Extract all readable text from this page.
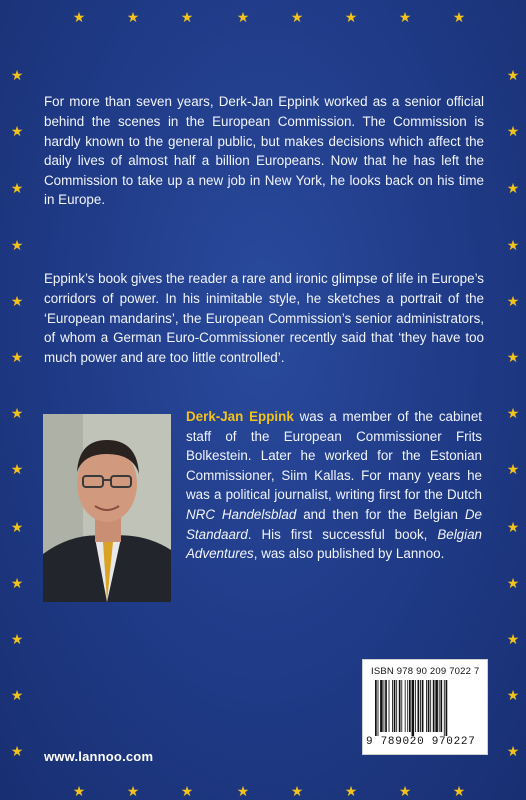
★	★	★	★	★	★	★	★
★
★
★
★
★
★
★
★
★
★
★
★
★
★
★
★
★
★
★
★
★
★
★
★
★
★
★	★	★	★	★	★	★	★

For more than seven years, Derk-Jan Eppink worked as a senior official behind the scenes in the European Commission. The Commission is hardly known to the general public, but makes decisions which affect the daily lives of almost half a billion Europeans. Now that he has left the Commission to take up a new job in New York, he looks back on his time in Europe.

Eppink’s book gives the reader a rare and ironic glimpse of life in Europe’s corridors of power. In his inimitable style, he sketches a portrait of the ‘European mandarins’, the European Commission’s senior administrators, of whom a German Euro-Commissioner recently said that ‘they have too much power and are too little controlled’.

Derk-Jan Eppink was a member of the cabinet staff of the European Commissioner Frits Bolkestein. Later he worked for the Estonian Commissioner, Siim Kallas. For many years he was a political journalist, writing first for the Dutch NRC Handelsblad and then for the Belgian De Standaard. His first successful book, Belgian Adventures, was also published by Lannoo.
ISBN 978 90 209 7022 7
9 789020 970227
www.lannoo.com
